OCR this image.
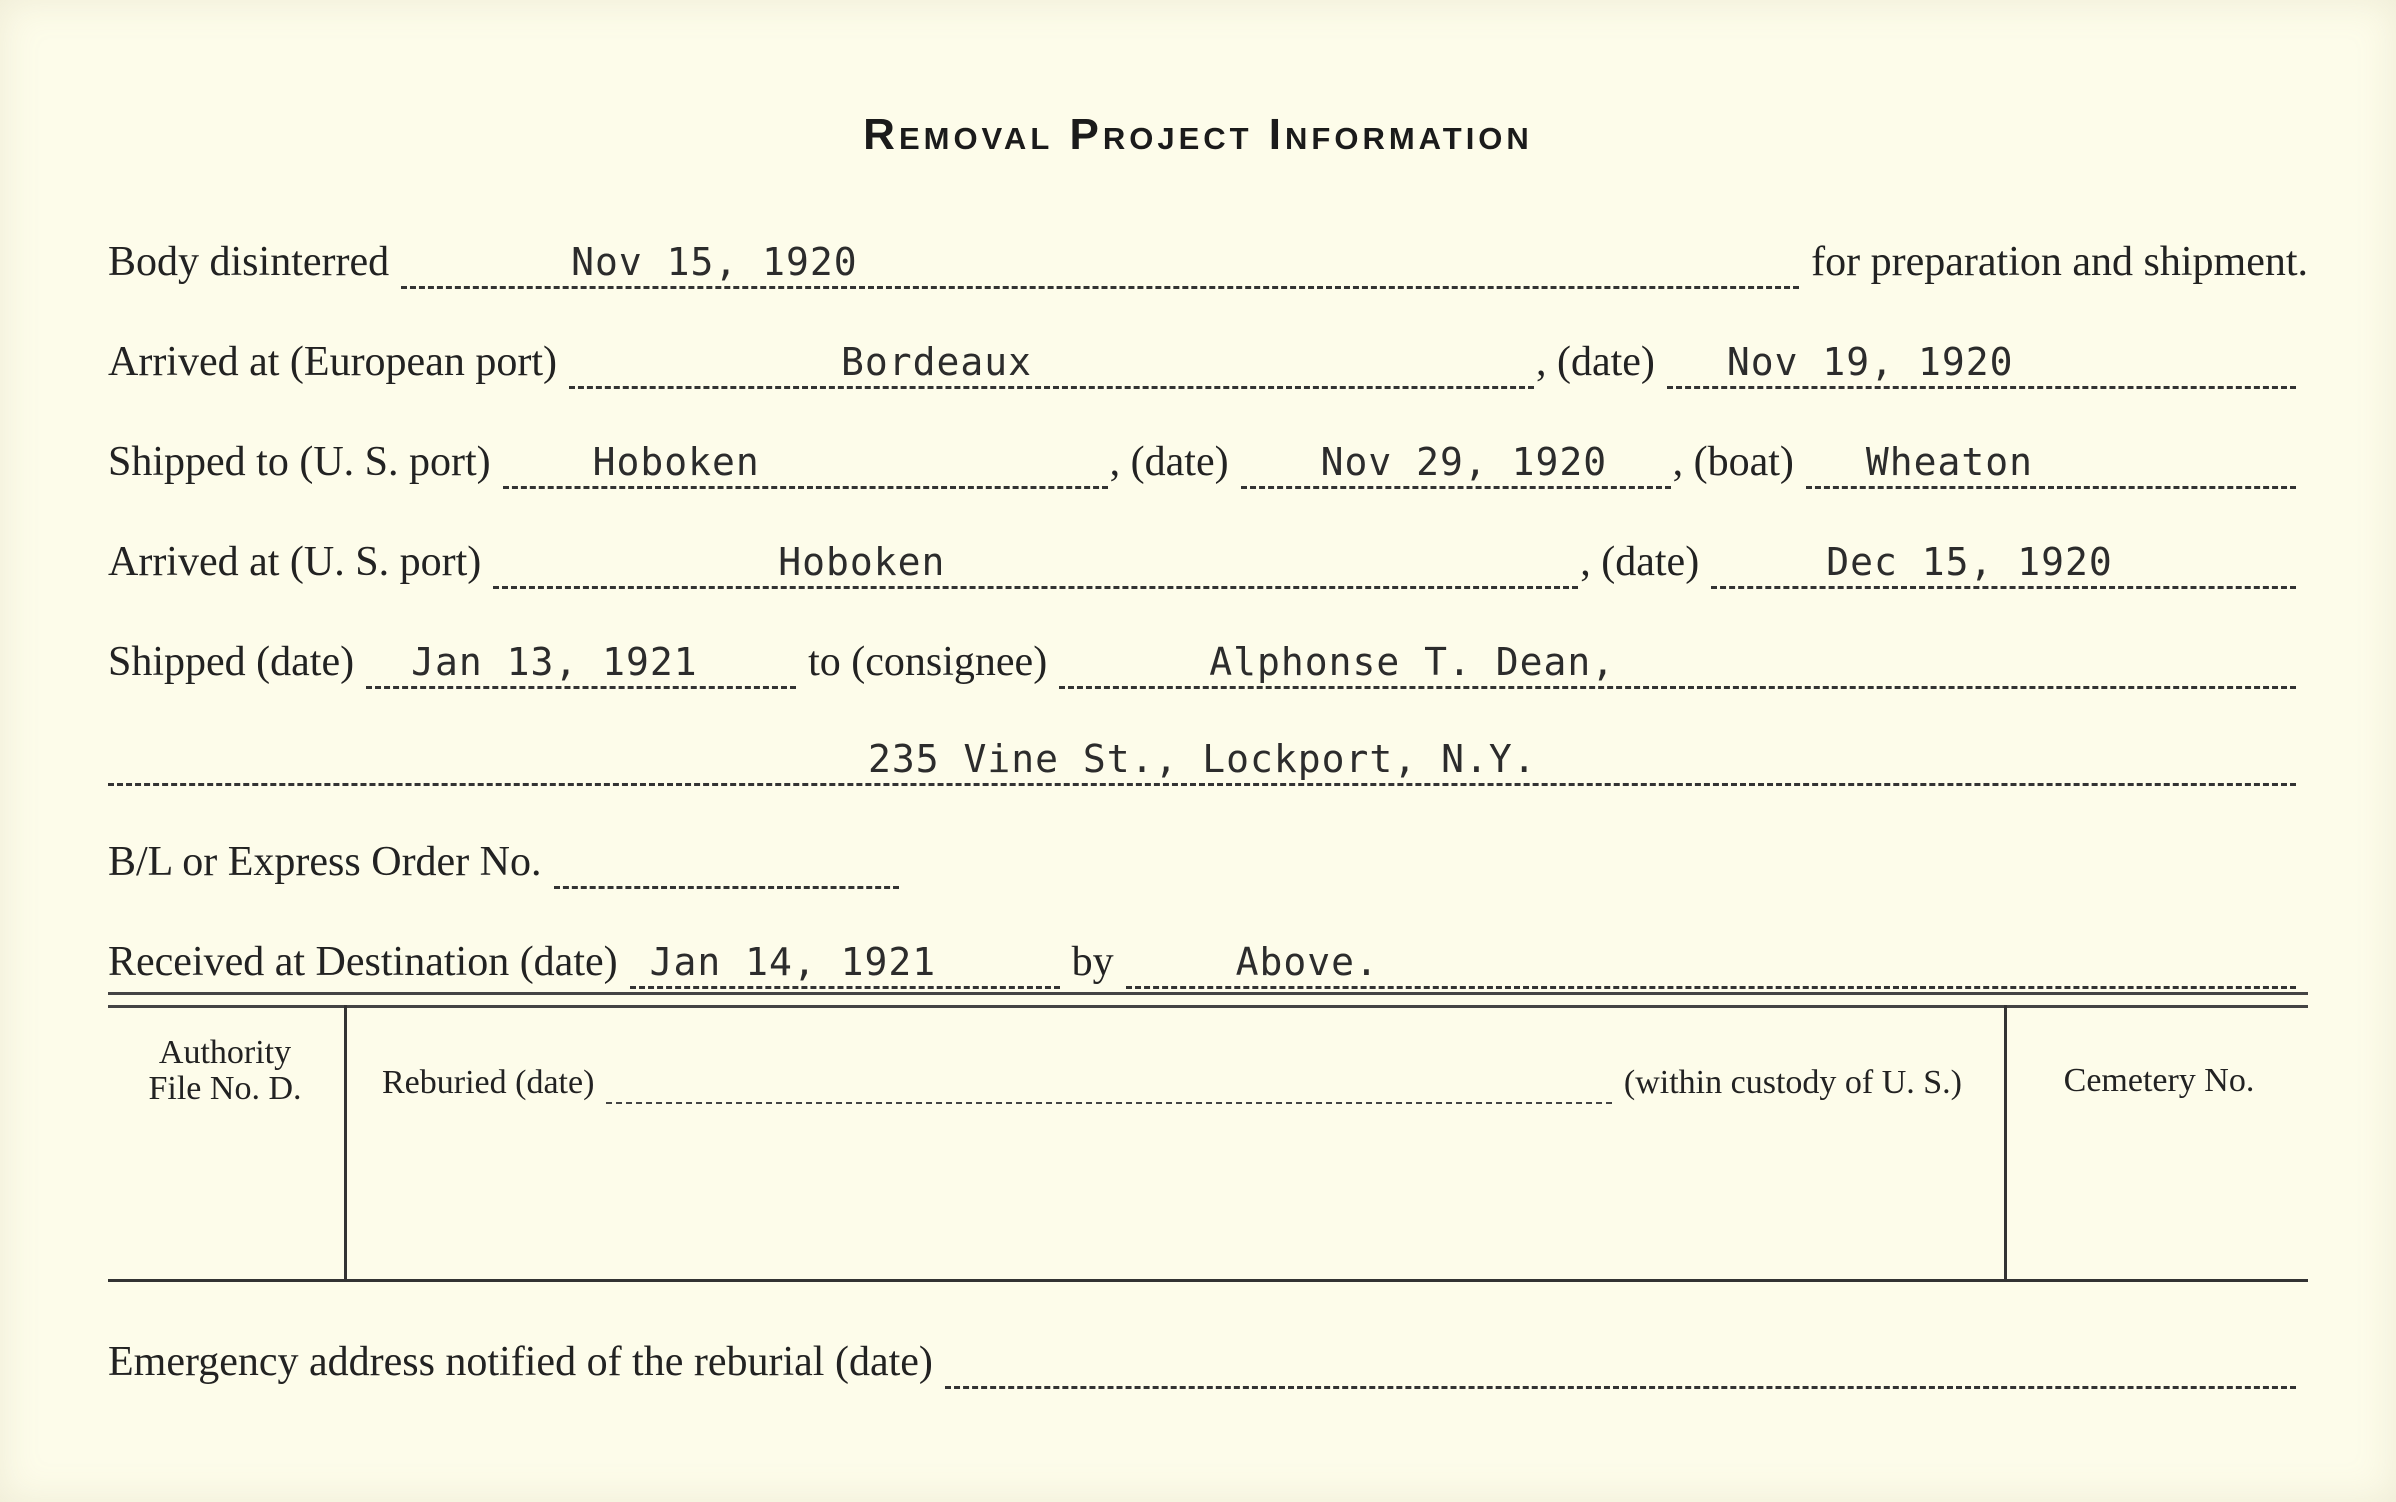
Removal Project Information
Body disinterred	Nov 15, 1920	for preparation and shipment.
Arrived at (European port)	Bordeaux	, (date) Nov 19, 1920
Shipped to (U. S. port)	Hoboken	, (date) Nov 29, 1920 , (boat) Wheaton
Arrived at (U. S. port)	Hoboken	, (date)	Dec 15, 1920
Shipped (date) Jan 13, 1921	to (consignee)	Alphonse T. Dean,
235 Vine St., Lockport, N.Y.
B/L or Express Order No.
Received at Destination (date) Jan 14, 1921	by	Above.
Authority
File No. D.	Reburied (date)	(within custody of U. S.)	Cemetery No.
Emergency address notified of the reburial (date)
